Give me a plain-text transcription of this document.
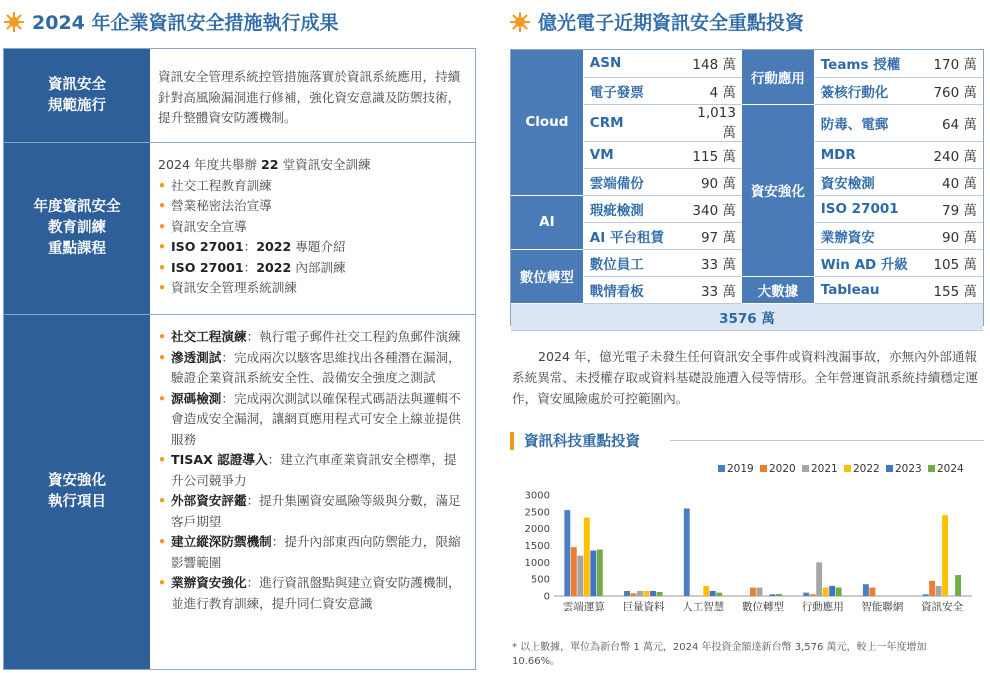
2024 年企業資訊安全措施執行成果
資訊安全
規範施行
資訊安全管理系統控管措施落實於資訊系統應用，持續針對高風險漏洞進行修補，強化資安意識及防禦技術，提升整體資安防護機制。
年度資訊安全
教育訓練
重點課程
2024 年度共舉辦 22 堂資訊安全訓練
• 社交工程教育訓練
• 營業秘密法治宣導
• 資訊安全宣導
• ISO 27001：2022 專題介紹
• ISO 27001：2022 內部訓練
• 資訊安全管理系統訓練
資安強化
執行項目
• 社交工程演練：執行電子郵件社交工程釣魚郵件演練
• 滲透測試：完成兩次以駭客思維找出各種潛在漏洞，驗證企業資訊系統安全性、設備安全強度之測試
• 源碼檢測：完成兩次測試以確保程式碼語法與邏輯不會造成安全漏洞，讓網頁應用程式可安全上線並提供服務
• TISAX 認證導入：建立汽車產業資訊安全標準，提升公司競爭力
• 外部資安評鑑：提升集團資安風險等級與分數，滿足客戶期望
• 建立縱深防禦機制：提升內部東西向防禦能力，限縮影響範圍
• 業辦資安強化：進行資訊盤點與建立資安防護機制，並進行教育訓練，提升同仁資安意識
億光電子近期資訊安全重點投資
Cloud	ASN	148 萬	行動應用	Teams 授權	170 萬
	電子發票	4 萬		簽核行動化	760 萬
	CRM	1,013 萬	資安強化	防毒、電郵	64 萬
	VM	115 萬		MDR	240 萬
	雲端備份	90 萬		資安檢測	40 萬
AI	瑕疵檢測	340 萬		ISO 27001	79 萬
	AI 平台租賃	97 萬		業辦資安	90 萬
數位轉型	數位員工	33 萬		Win AD 升級	105 萬
	戰情看板	33 萬	大數據	Tableau	155 萬
3576 萬					
2024 年，億光電子未發生任何資訊安全事件或資料洩漏事故，亦無內外部通報系統異常、未授權存取或資料基礎設施遭入侵等情形。全年營運資訊系統持續穩定運作，資安風險處於可控範圍內。
資訊科技重點投資
2019 2020 2021 2022 2023 2024
0
500
1000
1500
2000
2500
3000
雲端運算 巨量資料 人工智慧 數位轉型 行動應用 智能聯網 資訊安全
* 以上數據，單位為新台幣 1 萬元，2024 年投資金額達新台幣 3,576 萬元，較上一年度增加 10.66%。
